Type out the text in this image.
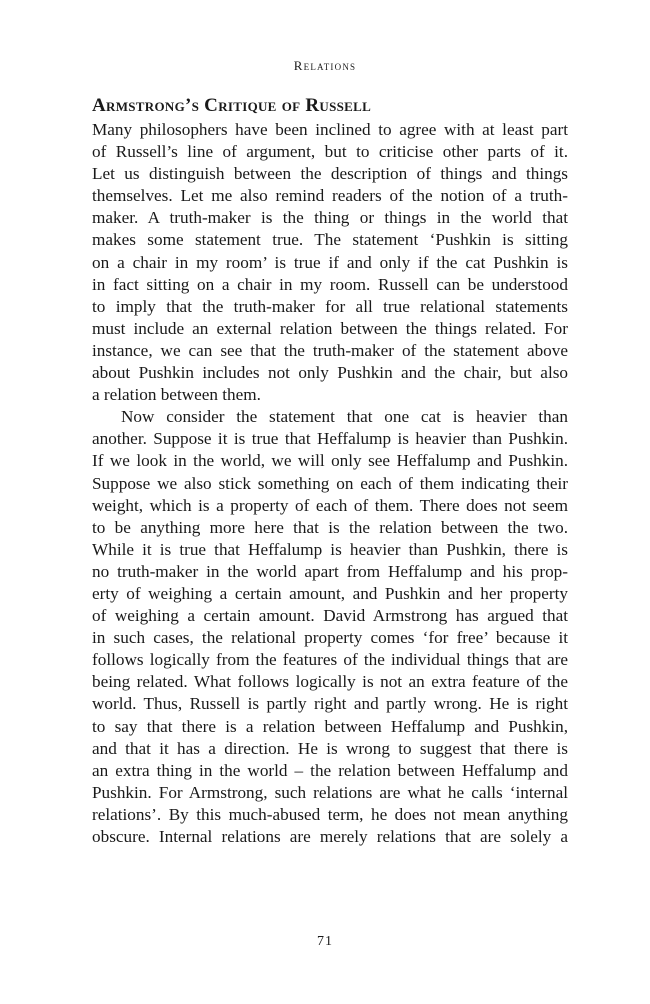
Relations
Armstrong’s Critique of Russell
Many philosophers have been inclined to agree with at least part
of Russell’s line of argument, but to criticise other parts of it.
Let us distinguish between the description of things and things
themselves. Let me also remind readers of the notion of a truth-
maker. A truth-maker is the thing or things in the world that
makes some statement true. The statement ‘Pushkin is sitting
on a chair in my room’ is true if and only if the cat Pushkin is
in fact sitting on a chair in my room. Russell can be understood
to imply that the truth-maker for all true relational statements
must include an external relation between the things related. For
instance, we can see that the truth-maker of the statement above
about Pushkin includes not only Pushkin and the chair, but also
a relation between them.
Now consider the statement that one cat is heavier than
another. Suppose it is true that Heffalump is heavier than Pushkin.
If we look in the world, we will only see Heffalump and Pushkin.
Suppose we also stick something on each of them indicating their
weight, which is a property of each of them. There does not seem
to be anything more here that is the relation between the two.
While it is true that Heffalump is heavier than Pushkin, there is
no truth-maker in the world apart from Heffalump and his prop-
erty of weighing a certain amount, and Pushkin and her property
of weighing a certain amount. David Armstrong has argued that
in such cases, the relational property comes ‘for free’ because it
follows logically from the features of the individual things that are
being related. What follows logically is not an extra feature of the
world. Thus, Russell is partly right and partly wrong. He is right
to say that there is a relation between Heffalump and Pushkin,
and that it has a direction. He is wrong to suggest that there is
an extra thing in the world – the relation between Heffalump and
Pushkin. For Armstrong, such relations are what he calls ‘internal
relations’. By this much-abused term, he does not mean anything
obscure. Internal relations are merely relations that are solely a
71
